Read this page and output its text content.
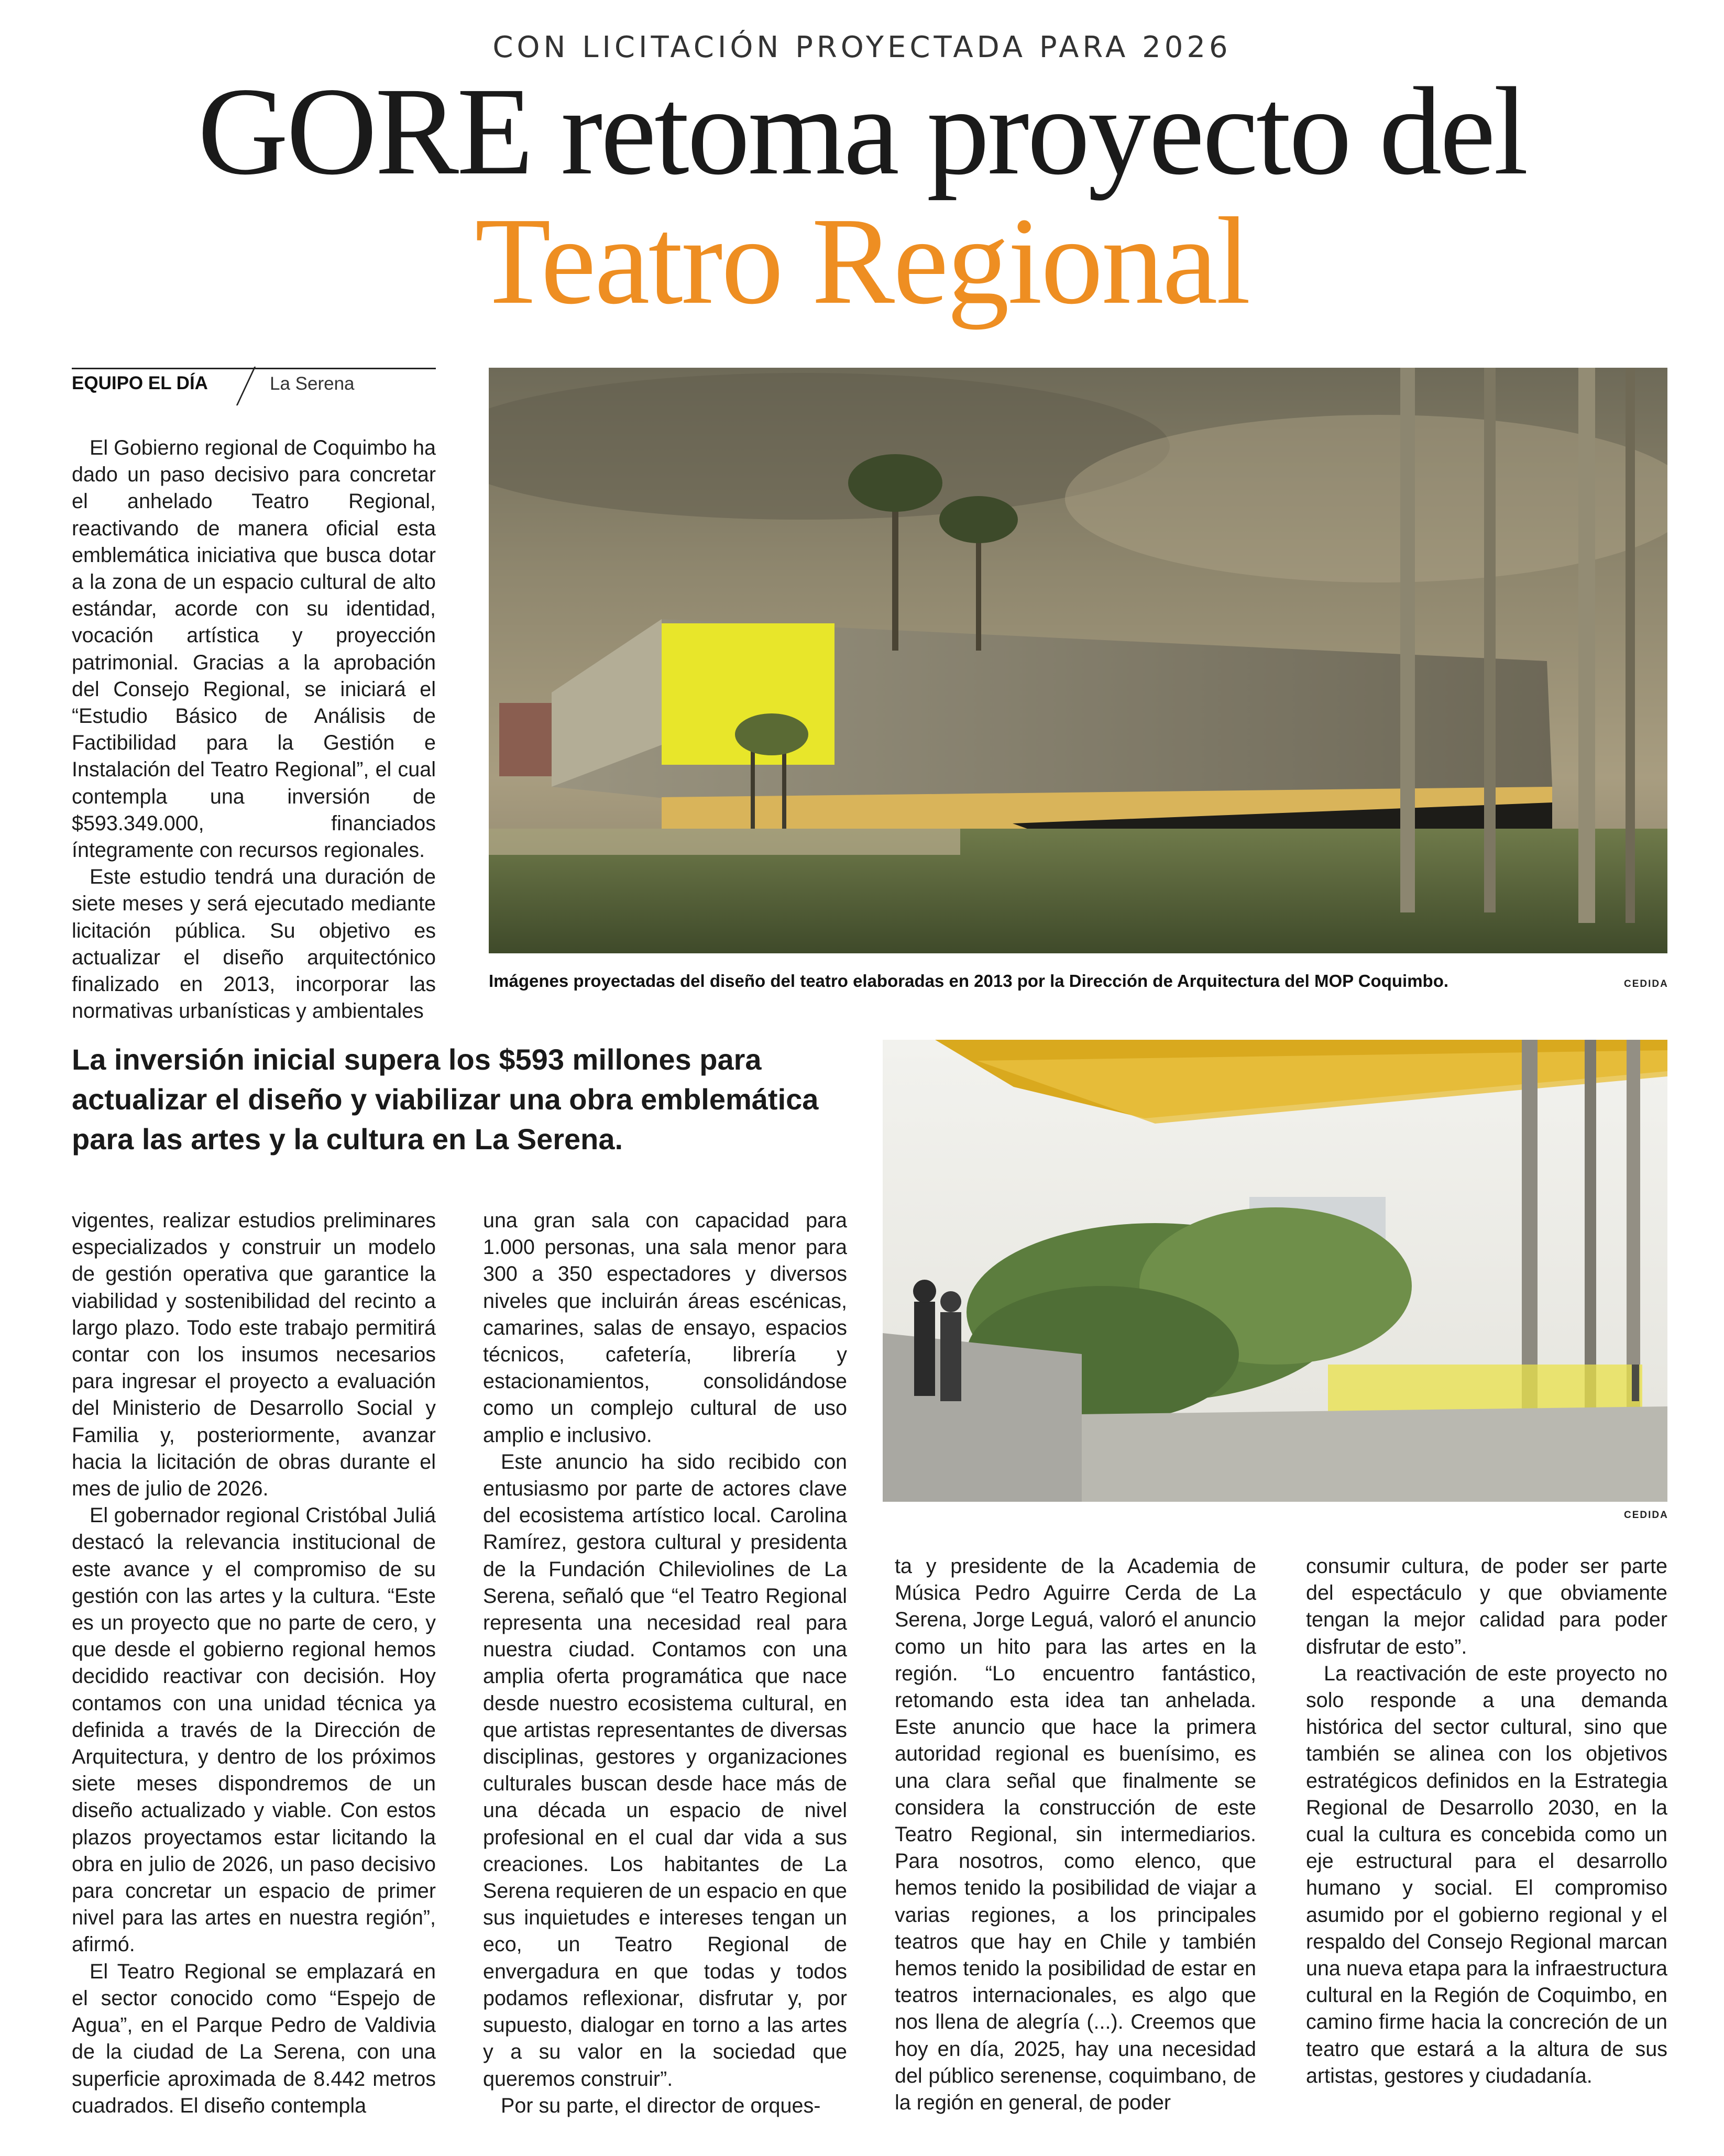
CON LICITACIÓN PROYECTADA PARA 2026
GORE retoma proyecto del
Teatro Regional
EQUIPO EL DÍA	La Serena

El Gobierno regional de Coquimbo ha dado un paso decisivo para concretar el anhelado Teatro Regional, reactivando de manera oficial esta emblemática iniciativa que busca dotar a la zona de un espacio cultural de alto estándar, acorde con su identidad, vocación artística y proyección patrimonial. Gracias a la aprobación del Consejo Regional, se iniciará el “Estudio Básico de Análisis de Factibilidad para la Gestión e Instalación del Teatro Regional”, el cual contempla una inversión de $593.349.000, financiados íntegramente con recursos regionales.

Este estudio tendrá una duración de siete meses y será ejecutado mediante licitación pública. Su objetivo es actualizar el diseño arquitectónico finalizado en 2013, incorporar las normativas urbanísticas y ambientales

Imágenes proyectadas del diseño del teatro elaboradas en 2013 por la Dirección de Arquitectura del MOP Coquimbo.	CEDIDA
La inversión inicial supera los $593 millones para actualizar el diseño y viabilizar una obra emblemática para las artes y la cultura en La Serena.
CEDIDA

vigentes, realizar estudios preliminares especializados y construir un modelo de gestión operativa que garantice la viabilidad y sostenibilidad del recinto a largo plazo. Todo este trabajo permitirá contar con los insumos necesarios para ingresar el proyecto a evaluación del Ministerio de Desarrollo Social y Familia y, posteriormente, avanzar hacia la licitación de obras durante el mes de julio de 2026.

El gobernador regional Cristóbal Juliá destacó la relevancia institucional de este avance y el compromiso de su gestión con las artes y la cultura. “Este es un proyecto que no parte de cero, y que desde el gobierno regional hemos decidido reactivar con decisión. Hoy contamos con una unidad técnica ya definida a través de la Dirección de Arquitectura, y dentro de los próximos siete meses dispondremos de un diseño actualizado y viable. Con estos plazos proyectamos estar licitando la obra en julio de 2026, un paso decisivo para concretar un espacio de primer nivel para las artes en nuestra región”, afirmó.

El Teatro Regional se emplazará en el sector conocido como “Espejo de Agua”, en el Parque Pedro de Valdivia de la ciudad de La Serena, con una superficie aproximada de 8.442 metros cuadrados. El diseño contempla

una gran sala con capacidad para 1.000 personas, una sala menor para 300 a 350 espectadores y diversos niveles que incluirán áreas escénicas, camarines, salas de ensayo, espacios técnicos, cafetería, librería y estacionamientos, consolidándose como un complejo cultural de uso amplio e inclusivo.

Este anuncio ha sido recibido con entusiasmo por parte de actores clave del ecosistema artístico local. Carolina Ramírez, gestora cultural y presidenta de la Fundación Chileviolines de La Serena, señaló que “el Teatro Regional representa una necesidad real para nuestra ciudad. Contamos con una amplia oferta programática que nace desde nuestro ecosistema cultural, en que artistas representantes de diversas disciplinas, gestores y organizaciones culturales buscan desde hace más de una década un espacio de nivel profesional en el cual dar vida a sus creaciones. Los habitantes de La Serena requieren de un espacio en que sus inquietudes e intereses tengan un eco, un Teatro Regional de envergadura en que todas y todos podamos reflexionar, disfrutar y, por supuesto, dialogar en torno a las artes y a su valor en la sociedad que queremos construir”.

Por su parte, el director de orques-

ta y presidente de la Academia de Música Pedro Aguirre Cerda de La Serena, Jorge Leguá, valoró el anuncio como un hito para las artes en la región. “Lo encuentro fantástico, retomando esta idea tan anhelada. Este anuncio que hace la primera autoridad regional es buenísimo, es una clara señal que finalmente se considera la construcción de este Teatro Regional, sin intermediarios. Para nosotros, como elenco, que hemos tenido la posibilidad de viajar a varias regiones, a los principales teatros que hay en Chile y también hemos tenido la posibilidad de estar en teatros internacionales, es algo que nos llena de alegría (...). Creemos que hoy en día, 2025, hay una necesidad del público serenense, coquimbano, de la región en general, de poder

consumir cultura, de poder ser parte del espectáculo y que obviamente tengan la mejor calidad para poder disfrutar de esto”.

La reactivación de este proyecto no solo responde a una demanda histórica del sector cultural, sino que también se alinea con los objetivos estratégicos definidos en la Estrategia Regional de Desarrollo 2030, en la cual la cultura es concebida como un eje estructural para el desarrollo humano y social. El compromiso asumido por el gobierno regional y el respaldo del Consejo Regional marcan una nueva etapa para la infraestructura cultural en la Región de Coquimbo, en camino firme hacia la concreción de un teatro que estará a la altura de sus artistas, gestores y ciudadanía.
